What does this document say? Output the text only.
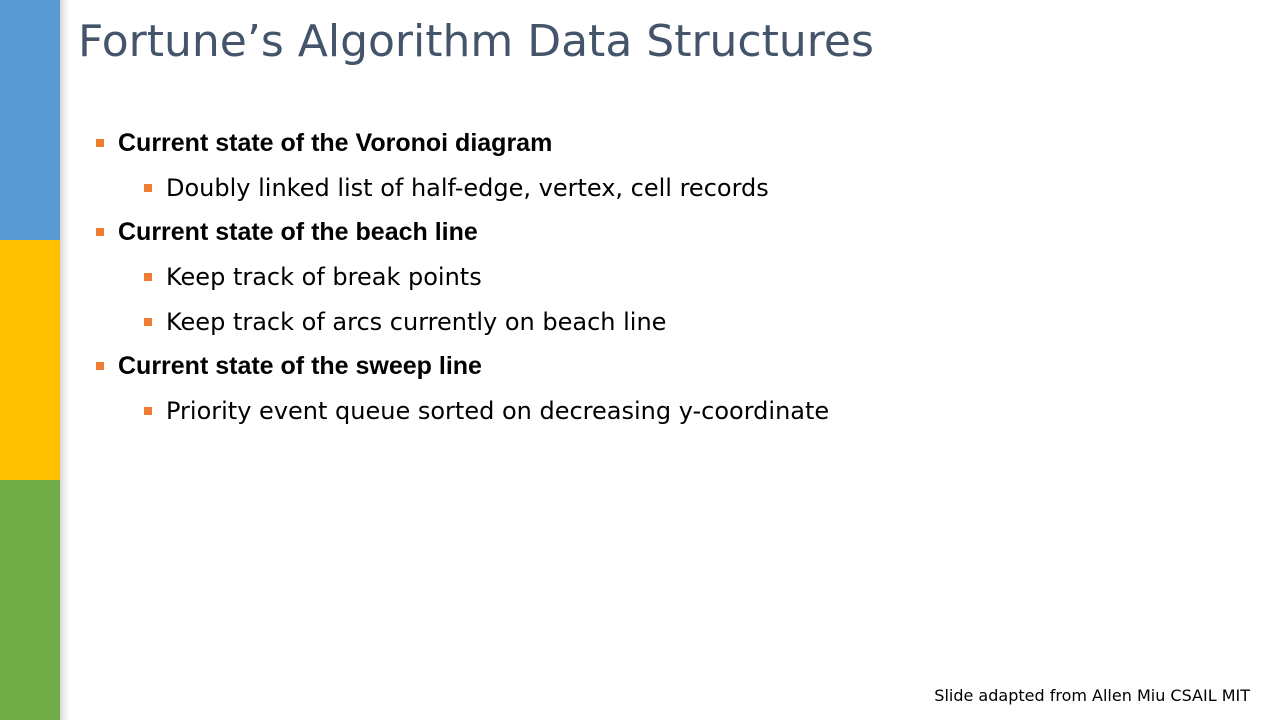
Fortune’s Algorithm Data Structures
Current state of the Voronoi diagram
Doubly linked list of half-edge, vertex, cell records
Current state of the beach line
Keep track of break points
Keep track of arcs currently on beach line
Current state of the sweep line
Priority event queue sorted on decreasing y-coordinate
Slide adapted from Allen Miu CSAIL MIT
